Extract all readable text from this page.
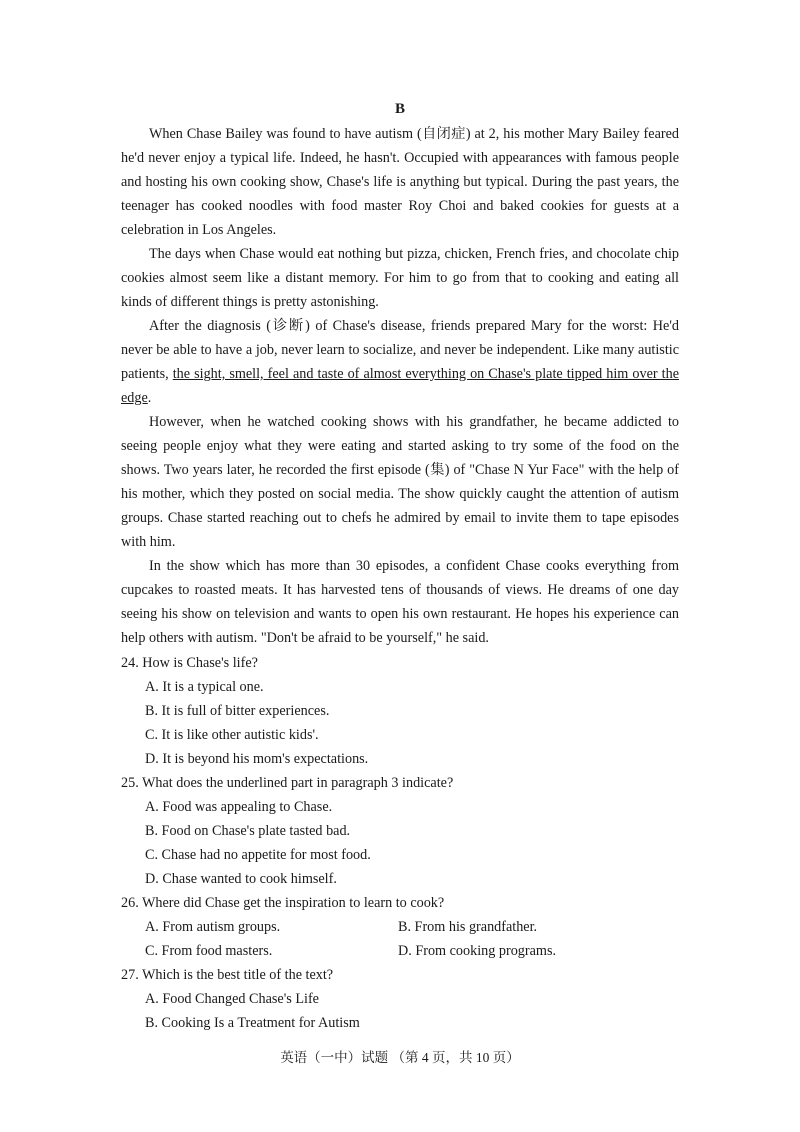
B

When Chase Bailey was found to have autism (自闭症) at 2, his mother Mary Bailey feared he'd never enjoy a typical life. Indeed, he hasn't. Occupied with appearances with famous people and hosting his own cooking show, Chase's life is anything but typical. During the past years, the teenager has cooked noodles with food master Roy Choi and baked cookies for guests at a celebration in Los Angeles.

The days when Chase would eat nothing but pizza, chicken, French fries, and chocolate chip cookies almost seem like a distant memory. For him to go from that to cooking and eating all kinds of different things is pretty astonishing.

After the diagnosis (诊断) of Chase's disease, friends prepared Mary for the worst: He'd never be able to have a job, never learn to socialize, and never be independent. Like many autistic patients, the sight, smell, feel and taste of almost everything on Chase's plate tipped him over the edge.

However, when he watched cooking shows with his grandfather, he became addicted to seeing people enjoy what they were eating and started asking to try some of the food on the shows. Two years later, he recorded the first episode (集) of "Chase N Yur Face" with the help of his mother, which they posted on social media. The show quickly caught the attention of autism groups. Chase started reaching out to chefs he admired by email to invite them to tape episodes with him.

In the show which has more than 30 episodes, a confident Chase cooks everything from cupcakes to roasted meats. It has harvested tens of thousands of views. He dreams of one day seeing his show on television and wants to open his own restaurant. He hopes his experience can help others with autism. "Don't be afraid to be yourself," he said.

24. How is Chase's life?

A. It is a typical one.

B. It is full of bitter experiences.

C. It is like other autistic kids'.

D. It is beyond his mom's expectations.

25. What does the underlined part in paragraph 3 indicate?

A. Food was appealing to Chase.

B. Food on Chase's plate tasted bad.

C. Chase had no appetite for most food.

D. Chase wanted to cook himself.

26. Where did Chase get the inspiration to learn to cook?

A. From autism groups.	B. From his grandfather.
C. From food masters.	D. From cooking programs.

27. Which is the best title of the text?

A. Food Changed Chase's Life

B. Cooking Is a Treatment for Autism

英语（一中）试题 （第 4 页，共 10 页）
